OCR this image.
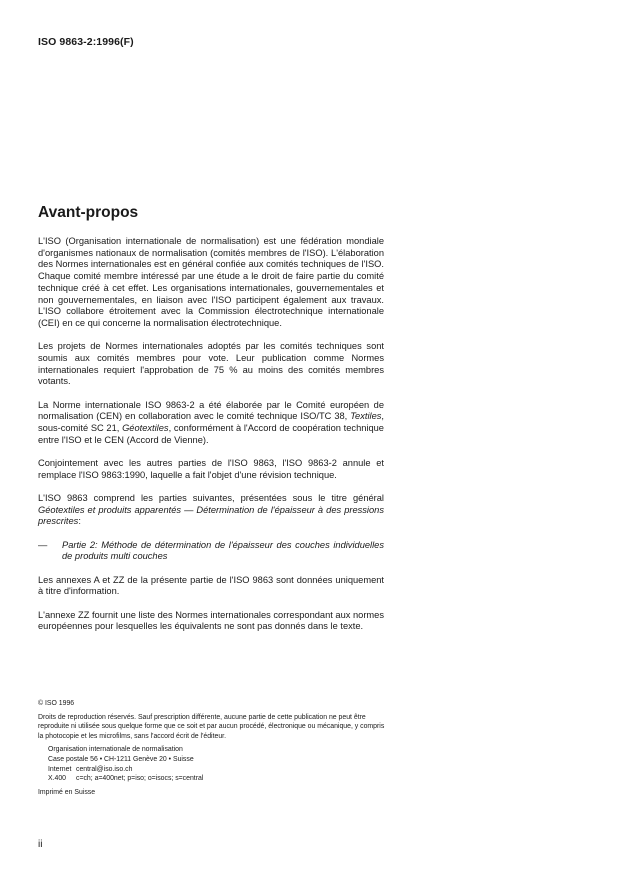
ISO 9863-2:1996(F)
Avant-propos

L'ISO (Organisation internationale de normalisation) est une fédération mondiale d'organismes nationaux de normalisation (comités membres de l'ISO). L'élaboration des Normes internationales est en général confiée aux comités techniques de l'ISO. Chaque comité membre intéressé par une étude a le droit de faire partie du comité technique créé à cet effet. Les organisations internationales, gouvernementales et non gouvernementales, en liaison avec l'ISO participent également aux travaux. L'ISO collabore étroitement avec la Commission électrotechnique internationale (CEI) en ce qui concerne la normalisation électrotechnique.

Les projets de Normes internationales adoptés par les comités techniques sont soumis aux comités membres pour vote. Leur publication comme Normes internationales requiert l'approbation de 75 % au moins des comités membres votants.

La Norme internationale ISO 9863-2 a été élaborée par le Comité européen de normalisation (CEN) en collaboration avec le comité technique ISO/TC 38, Textiles, sous-comité SC 21, Géotextiles, conformément à l'Accord de coopération technique entre l'ISO et le CEN (Accord de Vienne).

Conjointement avec les autres parties de l'ISO 9863, l'ISO 9863-2 annule et remplace l'ISO 9863:1990, laquelle a fait l'objet d'une révision technique.

L'ISO 9863 comprend les parties suivantes, présentées sous le titre général Géotextiles et produits apparentés — Détermination de l'épaisseur à des pressions prescrites:

— Partie 2: Méthode de détermination de l'épaisseur des couches individuelles de produits multi couches

Les annexes A et ZZ de la présente partie de l'ISO 9863 sont données uniquement à titre d'information.

L'annexe ZZ fournit une liste des Normes internationales correspondant aux normes européennes pour lesquelles les équivalents ne sont pas donnés dans le texte.

© ISO 1996

Droits de reproduction réservés. Sauf prescription différente, aucune partie de cette publication ne peut être reproduite ni utilisée sous quelque forme que ce soit et par aucun procédé, électronique ou mécanique, y compris la photocopie et les microfilms, sans l'accord écrit de l'éditeur.

Organisation internationale de normalisation
Case postale 56 • CH-1211 Genève 20 • Suisse
Internet central@iso.iso.ch
X.400	c=ch; a=400net; p=iso; o=isocs; s=central

Imprimé en Suisse

ii
